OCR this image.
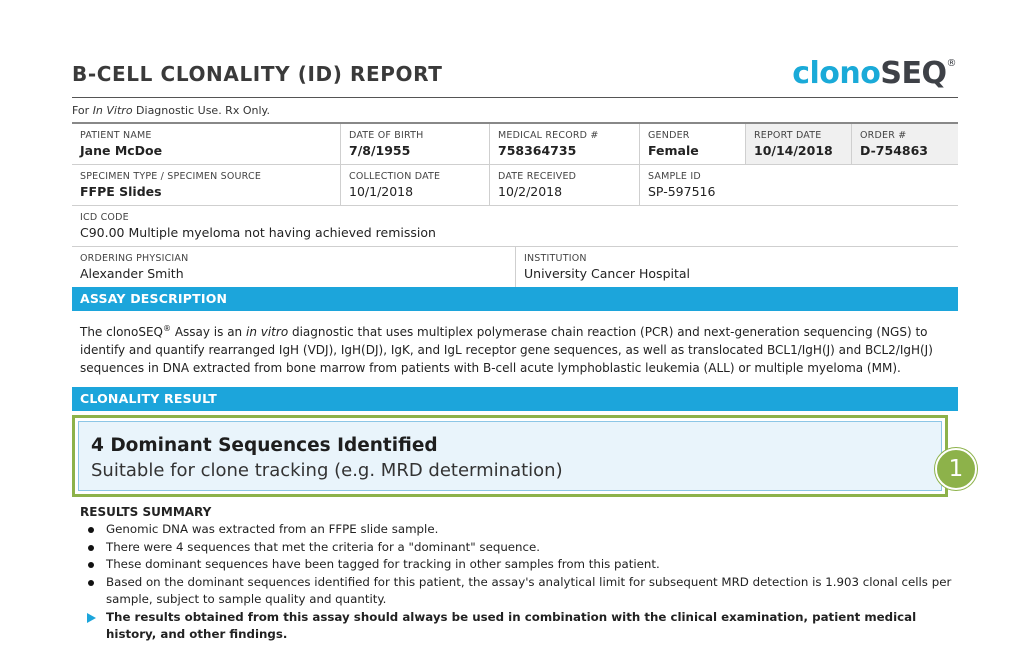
B-CELL CLONALITY (ID) REPORT	clonoSEQ®
For In Vitro Diagnostic Use. Rx Only.
PATIENT NAME
Jane McDoe
DATE OF BIRTH
7/8/1955
MEDICAL RECORD #
758364735
GENDER
Female
REPORT DATE
10/14/2018
ORDER #
D-754863
SPECIMEN TYPE / SPECIMEN SOURCE
FFPE Slides
COLLECTION DATE
10/1/2018
DATE RECEIVED
10/2/2018
SAMPLE ID
SP-597516
ICD CODE
C90.00 Multiple myeloma not having achieved remission
ORDERING PHYSICIAN
Alexander Smith
INSTITUTION
University Cancer Hospital
ASSAY DESCRIPTION
The clonoSEQ® Assay is an in vitro diagnostic that uses multiplex polymerase chain reaction (PCR) and next-generation sequencing (NGS) to identify and quantify rearranged IgH (VDJ), IgH(DJ), IgK, and IgL receptor gene sequences, as well as translocated BCL1/IgH(J) and BCL2/IgH(J) sequences in DNA extracted from bone marrow from patients with B-cell acute lymphoblastic leukemia (ALL) or multiple myeloma (MM).
CLONALITY RESULT
4 Dominant Sequences Identified
Suitable for clone tracking (e.g. MRD determination)
RESULTS SUMMARY
Genomic DNA was extracted from an FFPE slide sample.
There were 4 sequences that met the criteria for a "dominant" sequence.
These dominant sequences have been tagged for tracking in other samples from this patient.
Based on the dominant sequences identified for this patient, the assay's analytical limit for subsequent MRD detection is 1.903 clonal cells per sample, subject to sample quality and quantity.
The results obtained from this assay should always be used in combination with the clinical examination, patient medical history, and other findings.
1
